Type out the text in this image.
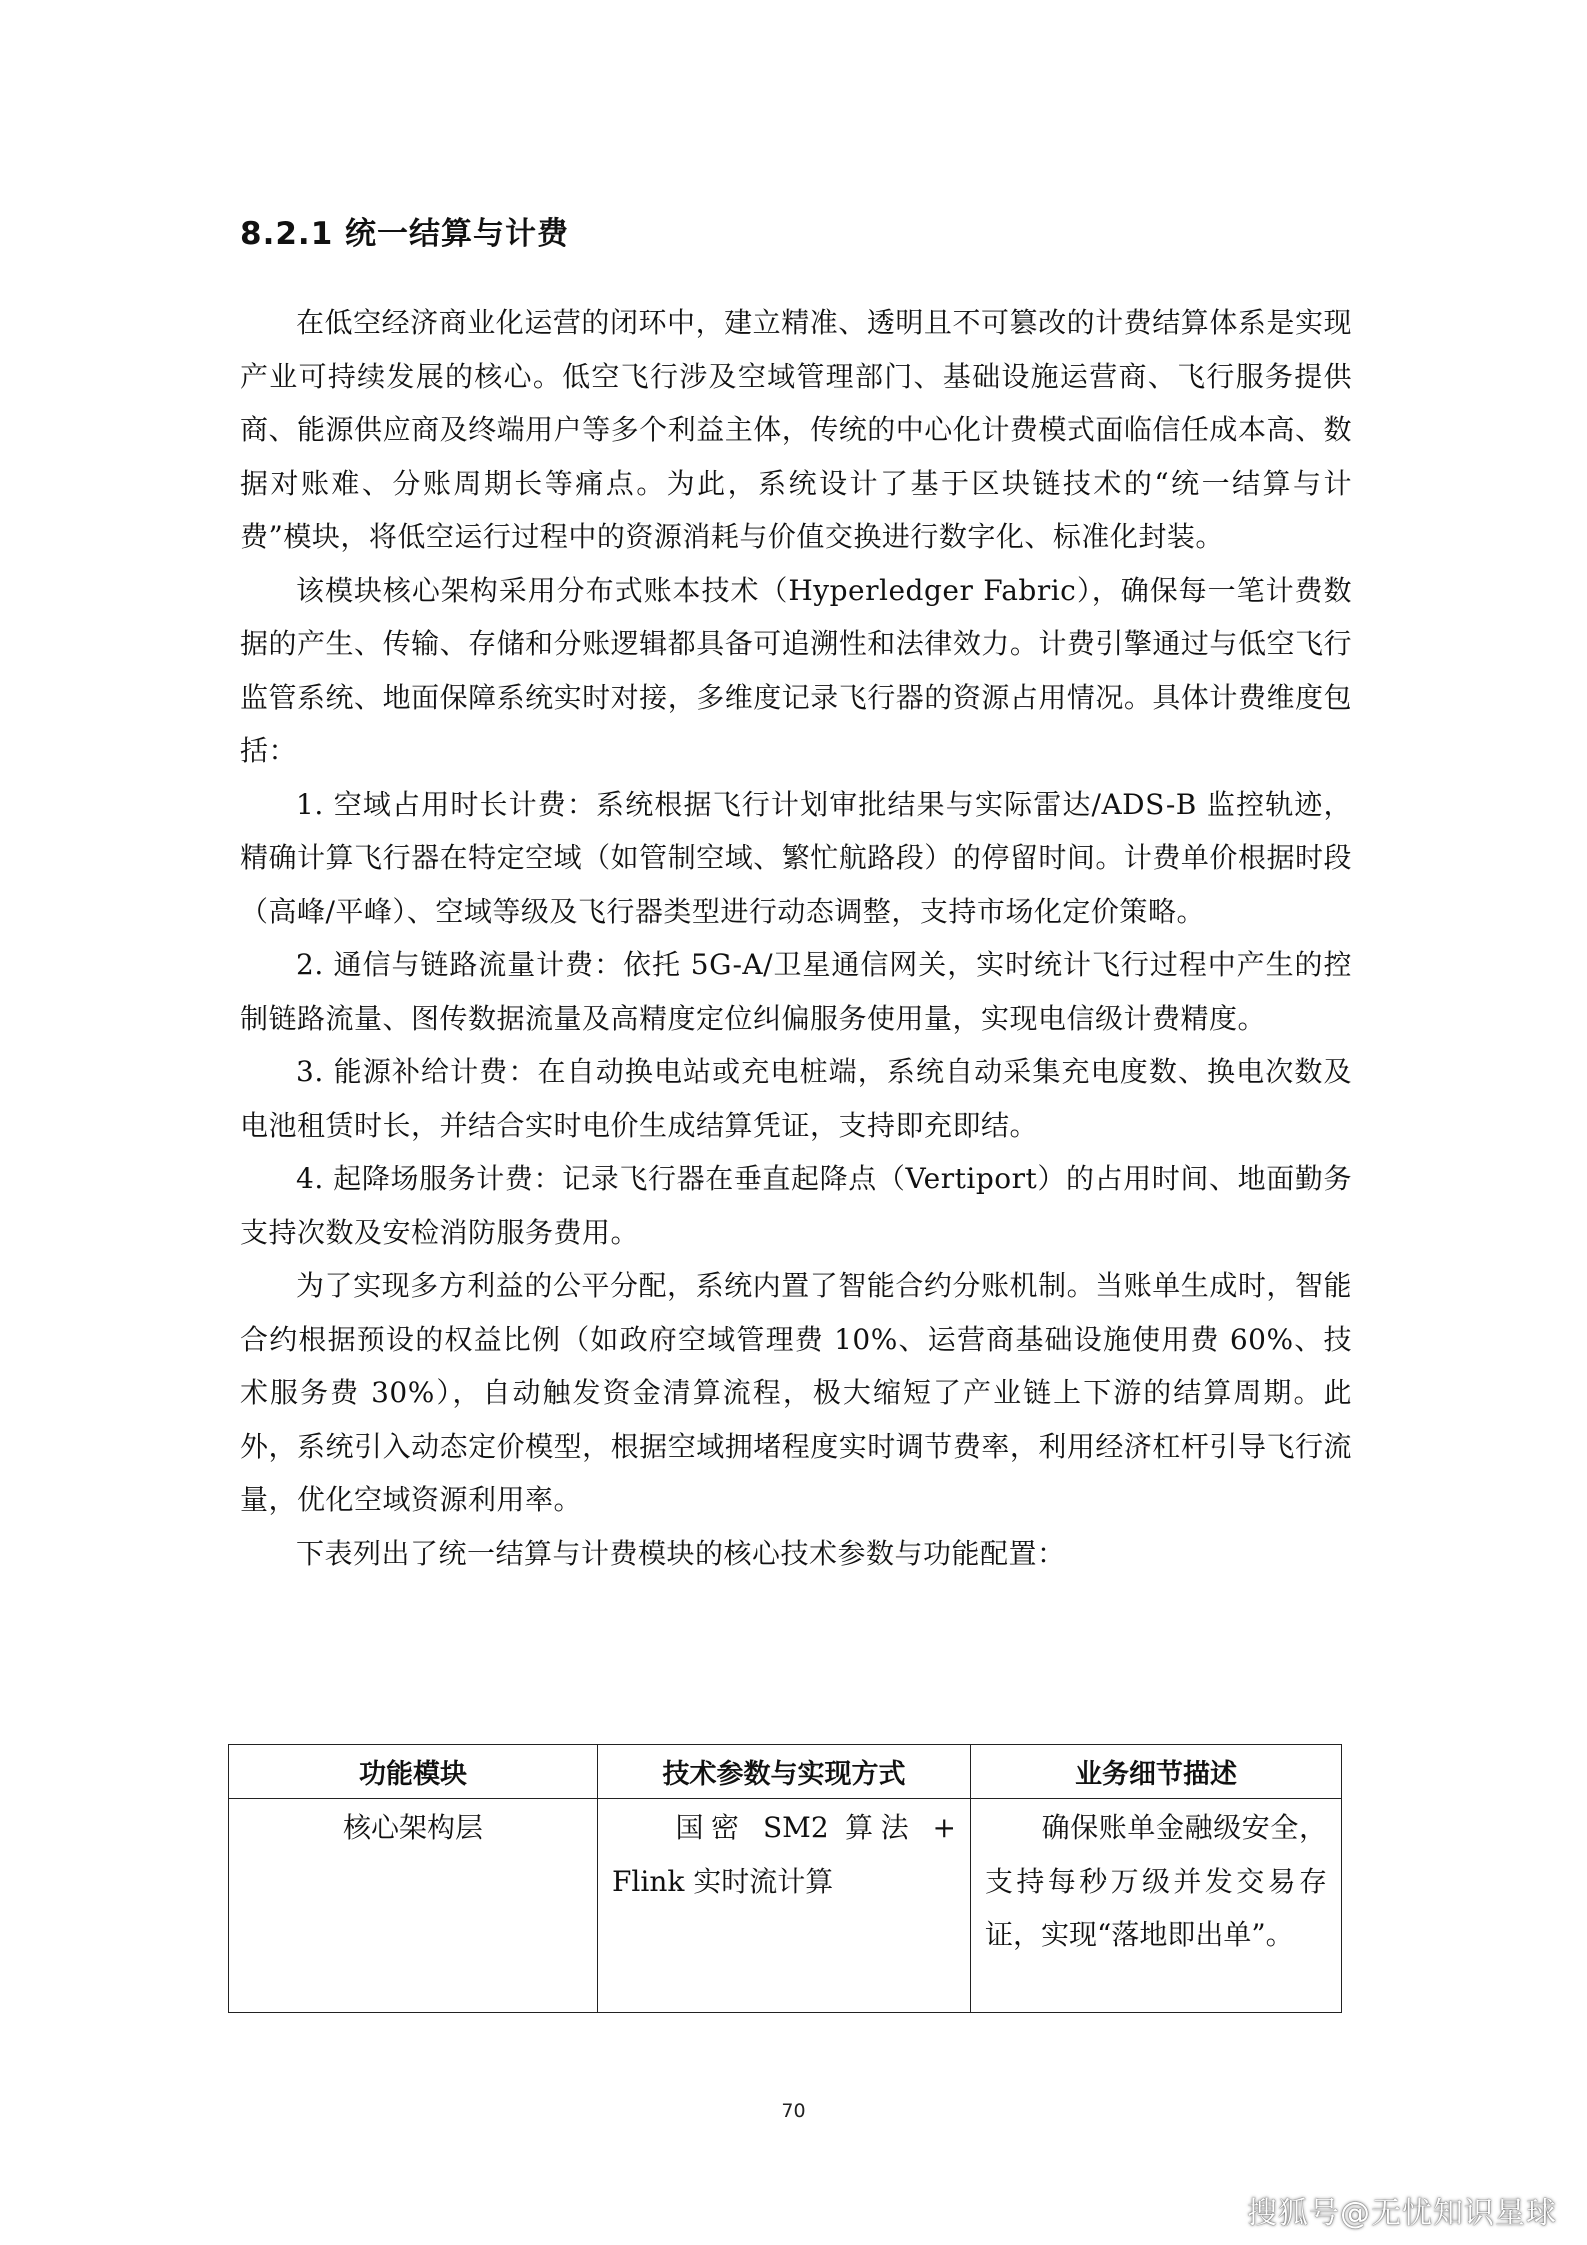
8.2.1 统一结算与计费

在低空经济商业化运营的闭环中，建立精准、透明且不可篡改的计费结算体系是实现产业可持续发展的核心。低空飞行涉及空域管理部门、基础设施运营商、飞行服务提供商、能源供应商及终端用户等多个利益主体，传统的中心化计费模式面临信任成本高、数据对账难、分账周期长等痛点。为此，系统设计了基于区块链技术的“统一结算与计费”模块，将低空运行过程中的资源消耗与价值交换进行数字化、标准化封装。

该模块核心架构采用分布式账本技术（Hyperledger Fabric），确保每一笔计费数据的产生、传输、存储和分账逻辑都具备可追溯性和法律效力。计费引擎通过与低空飞行监管系统、地面保障系统实时对接，多维度记录飞行器的资源占用情况。具体计费维度包括：

1. 空域占用时长计费：系统根据飞行计划审批结果与实际雷达/ADS-B 监控轨迹，精确计算飞行器在特定空域（如管制空域、繁忙航路段）的停留时间。计费单价根据时段（高峰/平峰）、空域等级及飞行器类型进行动态调整，支持市场化定价策略。

2. 通信与链路流量计费：依托 5G-A/卫星通信网关，实时统计飞行过程中产生的控制链路流量、图传数据流量及高精度定位纠偏服务使用量，实现电信级计费精度。

3. 能源补给计费：在自动换电站或充电桩端，系统自动采集充电度数、换电次数及电池租赁时长，并结合实时电价生成结算凭证，支持即充即结。

4. 起降场服务计费：记录飞行器在垂直起降点（Vertiport）的占用时间、地面勤务支持次数及安检消防服务费用。

为了实现多方利益的公平分配，系统内置了智能合约分账机制。当账单生成时，智能合约根据预设的权益比例（如政府空域管理费 10%、运营商基础设施使用费 60%、技术服务费 30%），自动触发资金清算流程，极大缩短了产业链上下游的结算周期。此外，系统引入动态定价模型，根据空域拥堵程度实时调节费率，利用经济杠杆引导飞行流量，优化空域资源利用率。

下表列出了统一结算与计费模块的核心技术参数与功能配置：

功能模块	技术参数与实现方式	业务细节描述
核心架构层	国密 SM2 算法 + Flink 实时流计算	确保账单金融级安全，支持每秒万级并发交易存证，实现“落地即出单”。
70
搜狐号@无忧知识星球
